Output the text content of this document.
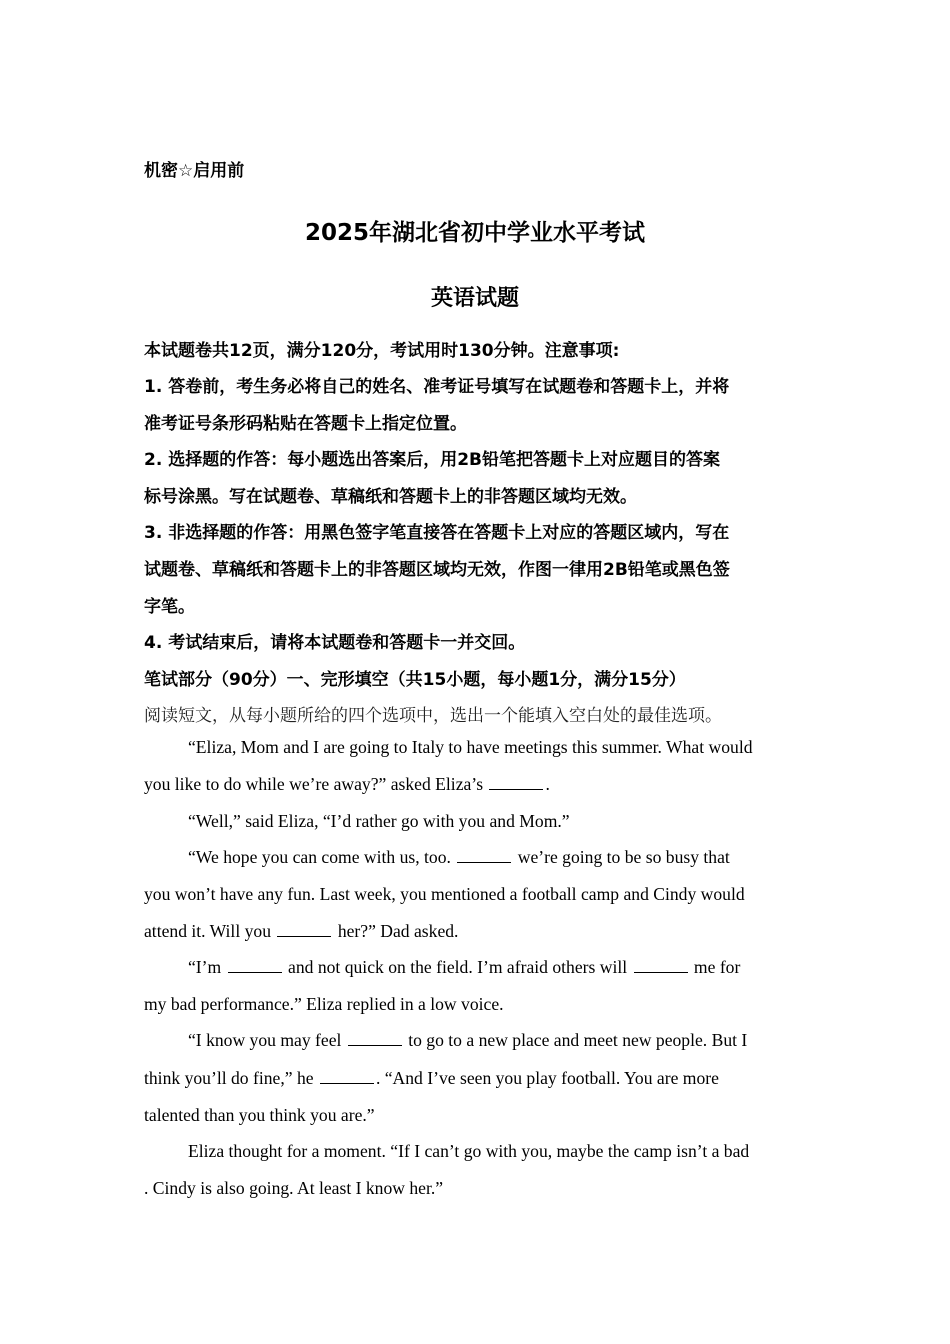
机密☆启用前
2025年湖北省初中学业水平考试
英语试题
本试题卷共12页，满分120分，考试用时130分钟。注意事项:
1. 答卷前，考生务必将自己的姓名、准考证号填写在试题卷和答题卡上，并将
准考证号条形码粘贴在答题卡上指定位置。
2. 选择题的作答：每小题选出答案后，用2B铅笔把答题卡上对应题目的答案
标号涂黑。写在试题卷、草稿纸和答题卡上的非答题区域均无效。
3. 非选择题的作答：用黑色签字笔直接答在答题卡上对应的答题区域内，写在
试题卷、草稿纸和答题卡上的非答题区域均无效，作图一律用2B铅笔或黑色签
字笔。
4. 考试结束后，请将本试题卷和答题卡一并交回。
笔试部分（90分）一、完形填空（共15小题，每小题1分，满分15分）
阅读短文，从每小题所给的四个选项中，选出一个能填入空白处的最佳选项。
“Eliza, Mom and I are going to Italy to have meetings this summer. What would
you like to do while we’re away?” asked Eliza’s	.
“Well,” said Eliza, “I’d rather go with you and Mom.”
“We hope you can come with us, too.	we’re going to be so busy that
you won’t have any fun. Last week, you mentioned a football camp and Cindy would
attend it. Will you	her?” Dad asked.
“I’m	and not quick on the field. I’m afraid others will	me for
my bad performance.” Eliza replied in a low voice.
“I know you may feel	to go to a new place and meet new people. But I
think you’ll do fine,” he	. “And I’ve seen you play football. You are more
talented than you think you are.”
Eliza thought for a moment. “If I can’t go with you, maybe the camp isn’t a bad
. Cindy is also going. At least I know her.”
